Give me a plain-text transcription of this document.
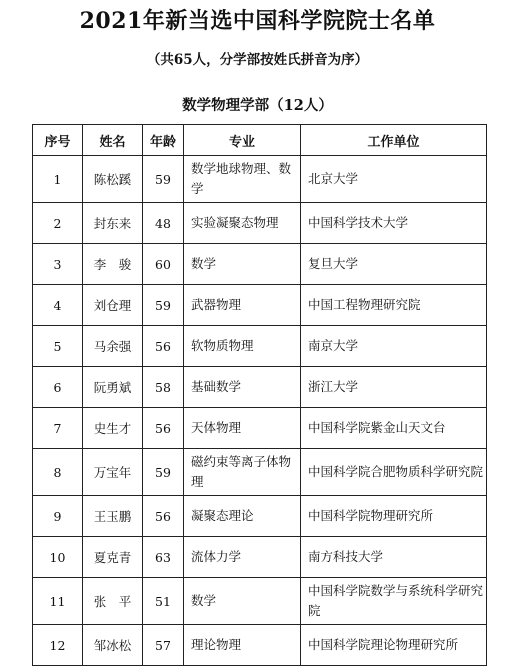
2021年新当选中国科学院院士名单
（共65人，分学部按姓氏拼音为序）
数学物理学部（12人）
序号	姓名	年龄	专业	工作单位
1	陈松蹊	59	数学地球物理、数学	北京大学
2	封东来	48	实验凝聚态物理	中国科学技术大学
3	李　骏	60	数学	复旦大学
4	刘仓理	59	武器物理	中国工程物理研究院
5	马余强	56	软物质物理	南京大学
6	阮勇斌	58	基础数学	浙江大学
7	史生才	56	天体物理	中国科学院紫金山天文台
8	万宝年	59	磁约束等离子体物理	中国科学院合肥物质科学研究院
9	王玉鹏	56	凝聚态理论	中国科学院物理研究所
10	夏克青	63	流体力学	南方科技大学
11	张　平	51	数学	中国科学院数学与系统科学研究院
12	邹冰松	57	理论物理	中国科学院理论物理研究所
